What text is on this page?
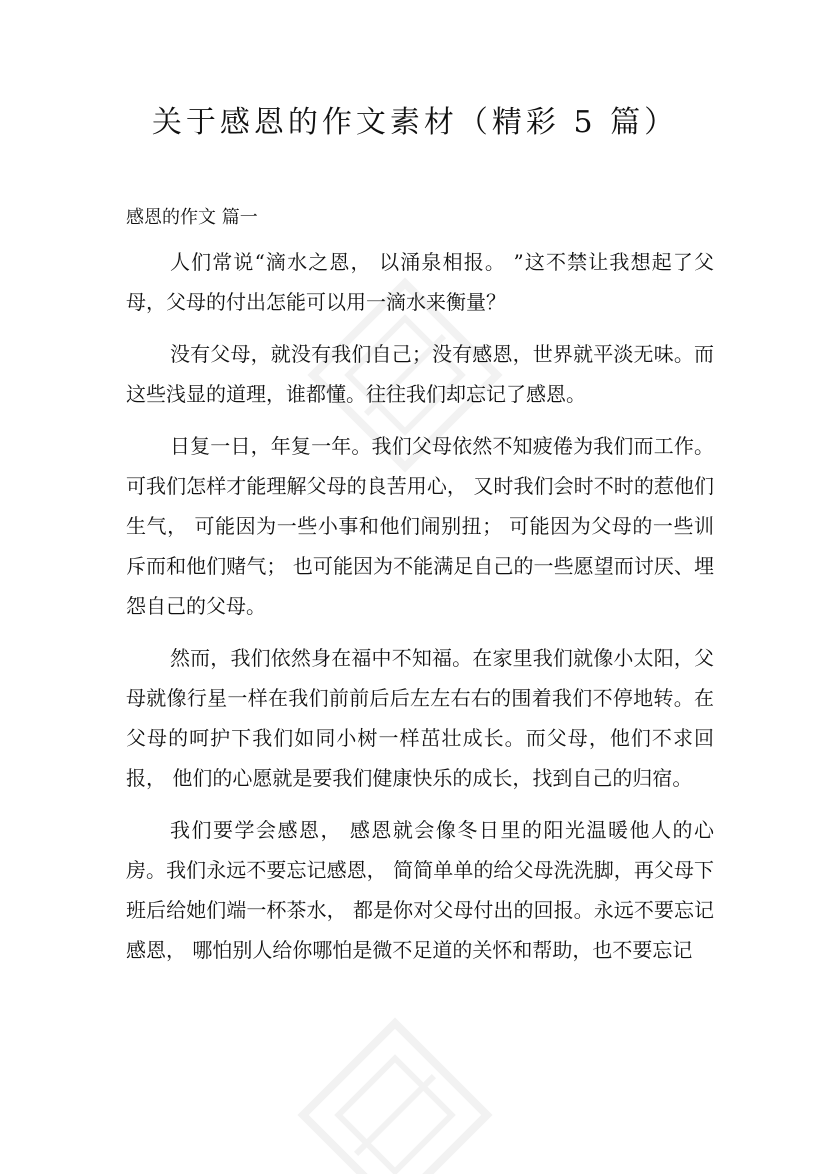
关于感恩的作文素材（精彩 5 篇）
感恩的作文 篇一

人们常说“滴水之恩， 以涌泉相报。 ”这不禁让我想起了父母，父母的付出怎能可以用一滴水来衡量？

没有父母，就没有我们自己；没有感恩，世界就平淡无味。而这些浅显的道理，谁都懂。往往我们却忘记了感恩。

日复一日，年复一年。我们父母依然不知疲倦为我们而工作。可我们怎样才能理解父母的良苦用心， 又时我们会时不时的惹他们生气， 可能因为一些小事和他们闹别扭； 可能因为父母的一些训斥而和他们赌气； 也可能因为不能满足自己的一些愿望而讨厌、埋怨自己的父母。

然而，我们依然身在福中不知福。在家里我们就像小太阳，父母就像行星一样在我们前前后后左左右右的围着我们不停地转。在父母的呵护下我们如同小树一样茁壮成长。而父母，他们不求回报， 他们的心愿就是要我们健康快乐的成长，找到自己的归宿。

我们要学会感恩， 感恩就会像冬日里的阳光温暖他人的心房。我们永远不要忘记感恩， 简简单单的给父母洗洗脚，再父母下班后给她们端一杯茶水， 都是你对父母付出的回报。永远不要忘记感恩， 哪怕别人给你哪怕是微不足道的关怀和帮助，也不要忘记
